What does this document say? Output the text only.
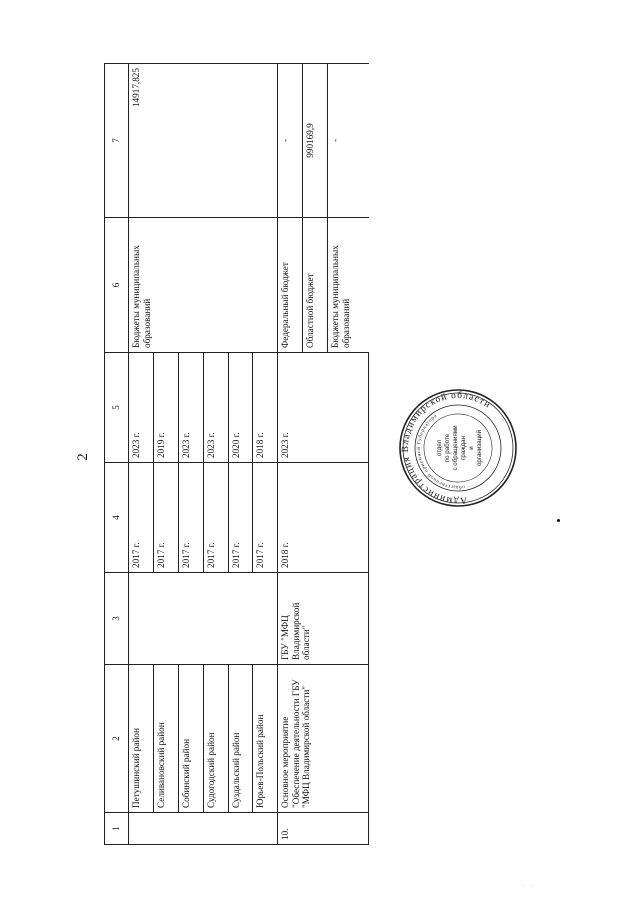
2
1	2	3	4	5	6	7
	Петушинский район		2017 г.	2023 г.	Бюджеты муниципальных образований	14917,825
	Селивановский район		2017 г.	2019 г.		
	Собинский район		2017 г.	2023 г.		
	Судогодский район		2017 г.	2023 г.		
	Суздальский район		2017 г.	2020 г.		
	Юрьев-Польский район		2017 г.	2018 г.		
10.	Основное мероприятие "Обеспечение деятельности ГБУ "МФЦ Владимирской области"	ГБУ "МФЦ Владимирской области"	2018 г.	2023 г.	Федеральный бюджет	-
					Областной бюджет	990169,9
					Бюджеты муниципальных образований	-
Администрация Владимирской области
общественной приемной Губернатора
отдел по работе с обращениями граждан и организаций
· ·
